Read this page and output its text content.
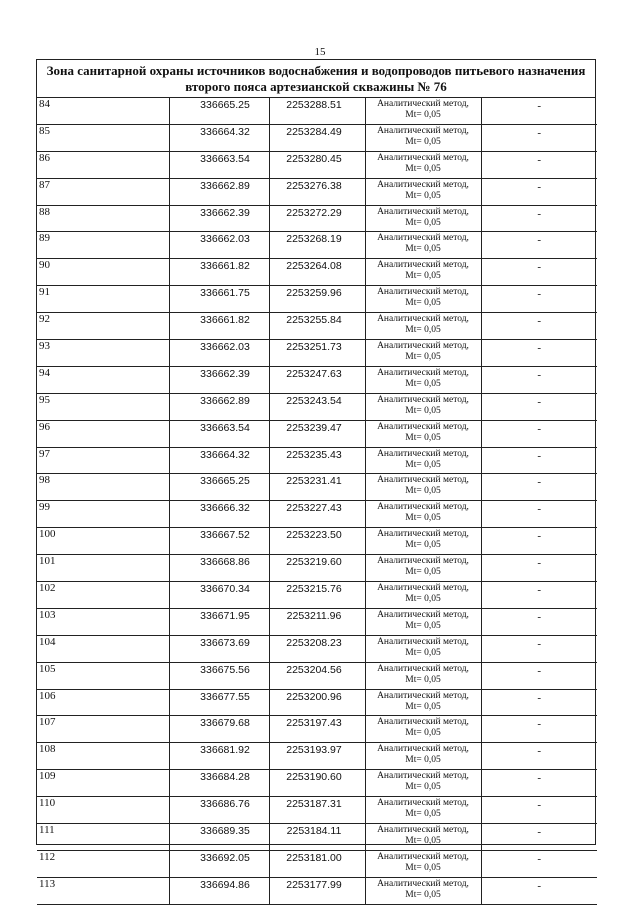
15
Зона санитарной охраны источников водоснабжения и водопроводов питьевого назначения
второго пояса артезианской скважины № 76
84	336665.25	2253288.51	Аналитический метод,
Mt= 0,05	-
85	336664.32	2253284.49	Аналитический метод,
Mt= 0,05	-
86	336663.54	2253280.45	Аналитический метод,
Mt= 0,05	-
87	336662.89	2253276.38	Аналитический метод,
Mt= 0,05	-
88	336662.39	2253272.29	Аналитический метод,
Mt= 0,05	-
89	336662.03	2253268.19	Аналитический метод,
Mt= 0,05	-
90	336661.82	2253264.08	Аналитический метод,
Mt= 0,05	-
91	336661.75	2253259.96	Аналитический метод,
Mt= 0,05	-
92	336661.82	2253255.84	Аналитический метод,
Mt= 0,05	-
93	336662.03	2253251.73	Аналитический метод,
Mt= 0,05	-
94	336662.39	2253247.63	Аналитический метод,
Mt= 0,05	-
95	336662.89	2253243.54	Аналитический метод,
Mt= 0,05	-
96	336663.54	2253239.47	Аналитический метод,
Mt= 0,05	-
97	336664.32	2253235.43	Аналитический метод,
Mt= 0,05	-
98	336665.25	2253231.41	Аналитический метод,
Mt= 0,05	-
99	336666.32	2253227.43	Аналитический метод,
Mt= 0,05	-
100	336667.52	2253223.50	Аналитический метод,
Mt= 0,05	-
101	336668.86	2253219.60	Аналитический метод,
Mt= 0,05	-
102	336670.34	2253215.76	Аналитический метод,
Mt= 0,05	-
103	336671.95	2253211.96	Аналитический метод,
Mt= 0,05	-
104	336673.69	2253208.23	Аналитический метод,
Mt= 0,05	-
105	336675.56	2253204.56	Аналитический метод,
Mt= 0,05	-
106	336677.55	2253200.96	Аналитический метод,
Mt= 0,05	-
107	336679.68	2253197.43	Аналитический метод,
Mt= 0,05	-
108	336681.92	2253193.97	Аналитический метод,
Mt= 0,05	-
109	336684.28	2253190.60	Аналитический метод,
Mt= 0,05	-
110	336686.76	2253187.31	Аналитический метод,
Mt= 0,05	-
111	336689.35	2253184.11	Аналитический метод,
Mt= 0,05	-
112	336692.05	2253181.00	Аналитический метод,
Mt= 0,05	-
113	336694.86	2253177.99	Аналитический метод,
Mt= 0,05	-
